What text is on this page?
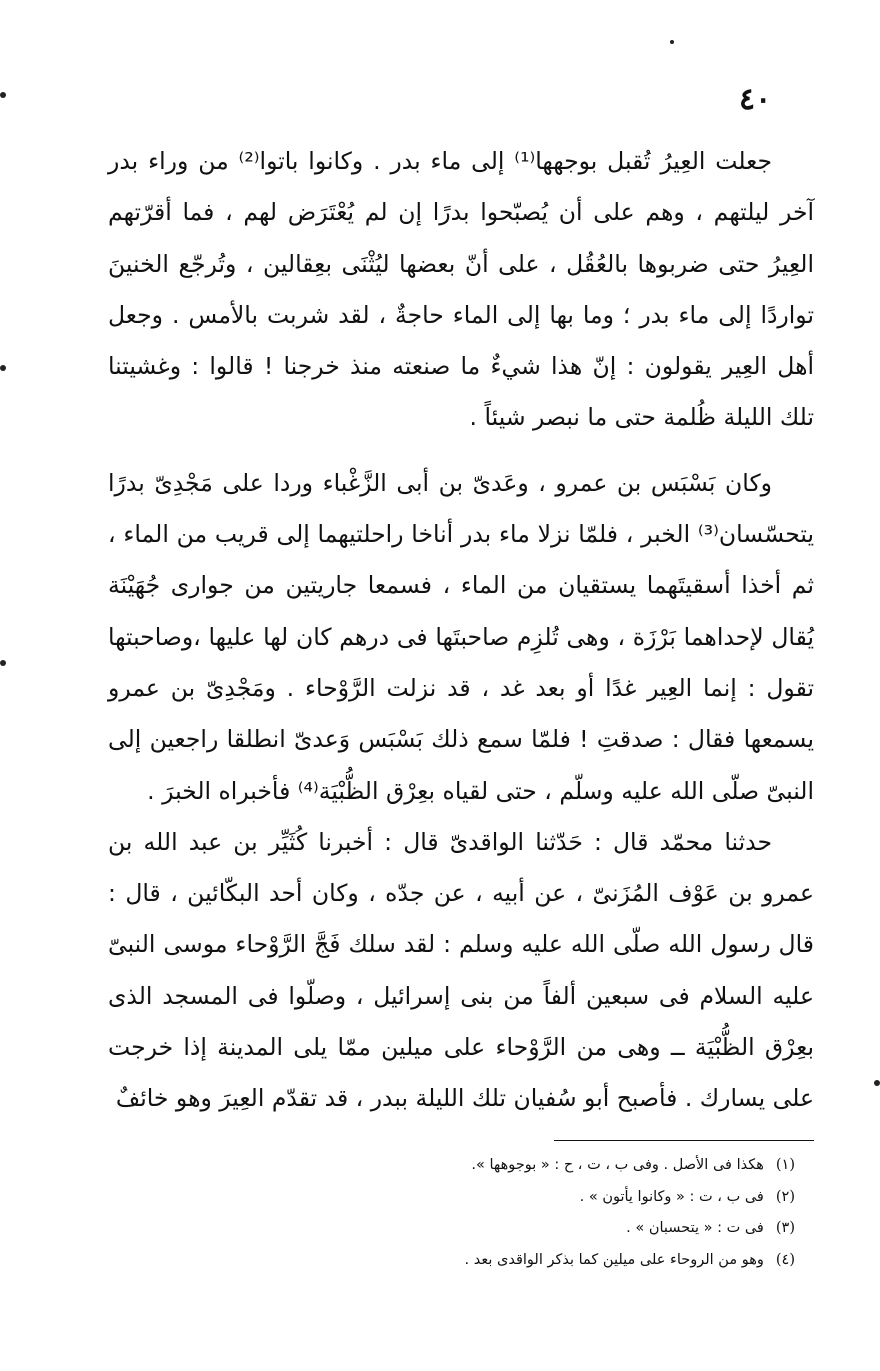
٤٠

جعلت العِيرُ تُقبل بوجهها⁽¹⁾ إلى ماء بدر . وكانوا باتوا⁽²⁾ من وراء بدر آخر ليلتهم ، وهم على أن يُصبّحوا بدرًا إن لم يُعْتَرَض لهم ، فما أقرّتهم العِيرُ حتى ضربوها بالعُقُل ، على أنّ بعضها ليُثْنَى بعِقالين ، وتُرجّع الخنينَ تواردًا إلى ماء بدر ؛ وما بها إلى الماء حاجةٌ ، لقد شربت بالأمس . وجعل أهل العِير يقولون : إنّ هذا شيءٌ ما صنعته منذ خرجنا ! قالوا : وغشيتنا تلك الليلة ظُلمة حتى ما نبصر شيئاً .

وكان بَسْبَس بن عمرو ، وعَدىّ بن أبى الزَّغْباء وردا على مَجْدِىّ بدرًا يتحسّسان⁽³⁾ الخبر ، فلمّا نزلا ماء بدر أناخا راحلتيهما إلى قريب من الماء ، ثم أخذا أسقيتَهما يستقيان من الماء ، فسمعا جاريتين من جوارى جُهَيْنَة يُقال لإحداهما بَرْزَة ، وهى تُلزِم صاحبتَها فى درهم كان لها عليها ،وصاحبتها تقول : إنما العِير غدًا أو بعد غد ، قد نزلت الرَّوْحاء . ومَجْدِىّ بن عمرو يسمعها فقال : صدقتِ ! فلمّا سمع ذلك بَسْبَس وَعدىّ انطلقا راجعين إلى النبىّ صلّى الله عليه وسلّم ، حتى لقياه بعِرْق الظُّبْيَة⁽⁴⁾ فأخبراه الخبرَ .

حدثنا محمّد قال : حَدّثنا الواقدىّ قال : أخبرنا كُثَيِّر بن عبد الله بن عمرو بن عَوْف المُزَنىّ ، عن أبيه ، عن جدّه ، وكان أحد البكّائين ، قال : قال رسول الله صلّى الله عليه وسلم : لقد سلك فَجَّ الرَّوْحاء موسى النبىّ عليه السلام فى سبعين ألفاً من بنى إسرائيل ، وصلّوا فى المسجد الذى بعِرْق الظُّبْيَة ــ وهى من الرَّوْحاء على ميلين ممّا يلى المدينة إذا خرجت على يسارك . فأصبح أبو سُفيان تلك الليلة ببدر ، قد تقدّم العِيرَ وهو خائفٌ

(١)هكذا فى الأصل . وفى ب ، ت ، ح : « بوجوهها ».
(٢)فى ب ، ت : « وكانوا يأتون » .
(٣)فى ت : « يتحسبان » .
(٤)وهو من الروحاء على ميلين كما بذكر الواقدى بعد .
